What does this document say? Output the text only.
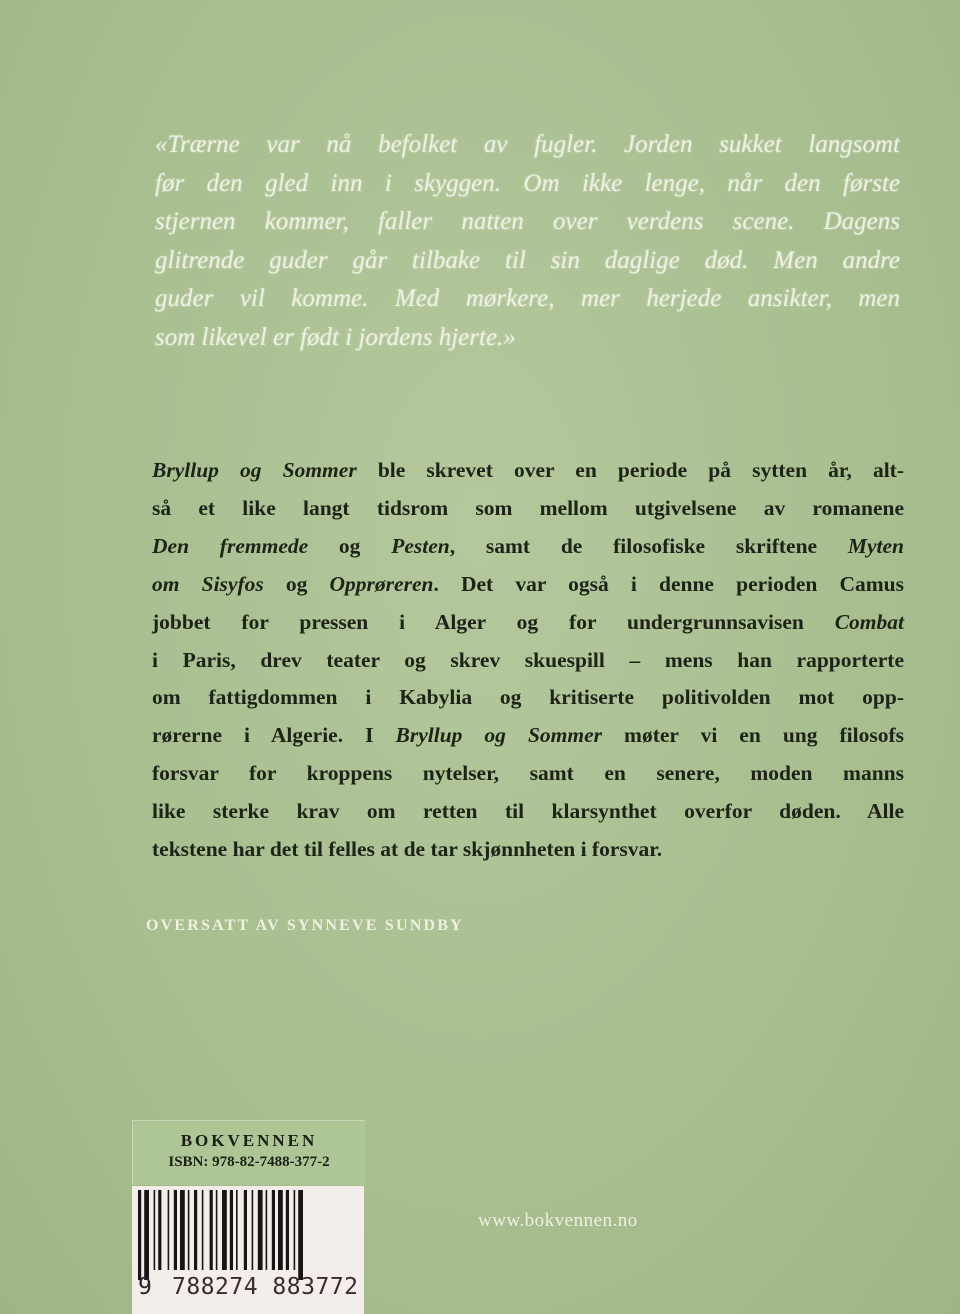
«Trærne var nå befolket av fugler. Jorden sukket langsomt
før den gled inn i skyggen. Om ikke lenge, når den første
stjernen kommer, faller natten over verdens scene. Dagens
glitrende guder går tilbake til sin daglige død. Men andre
guder vil komme. Med mørkere, mer herjede ansikter, men
som likevel er født i jordens hjerte.»
Bryllup og Sommer ble skrevet over en periode på sytten år, alt-
så et like langt tidsrom som mellom utgivelsene av romanene
Den fremmede og Pesten, samt de filosofiske skriftene Myten
om Sisyfos og Opprøreren. Det var også i denne perioden Camus
jobbet for pressen i Alger og for undergrunnsavisen Combat
i Paris, drev teater og skrev skuespill – mens han rapporterte
om fattigdommen i Kabylia og kritiserte politivolden mot opp-
rørerne i Algerie. I Bryllup og Sommer møter vi en ung filosofs
forsvar for kroppens nytelser, samt en senere, moden manns
like sterke krav om retten til klarsynthet overfor døden. Alle
tekstene har det til felles at de tar skjønnheten i forsvar.
OVERSATT AV SYNNEVE SUNDBY
BOKVENNEN
ISBN: 978-82-7488-377-2
9 788274 883772
www.bokvennen.no
